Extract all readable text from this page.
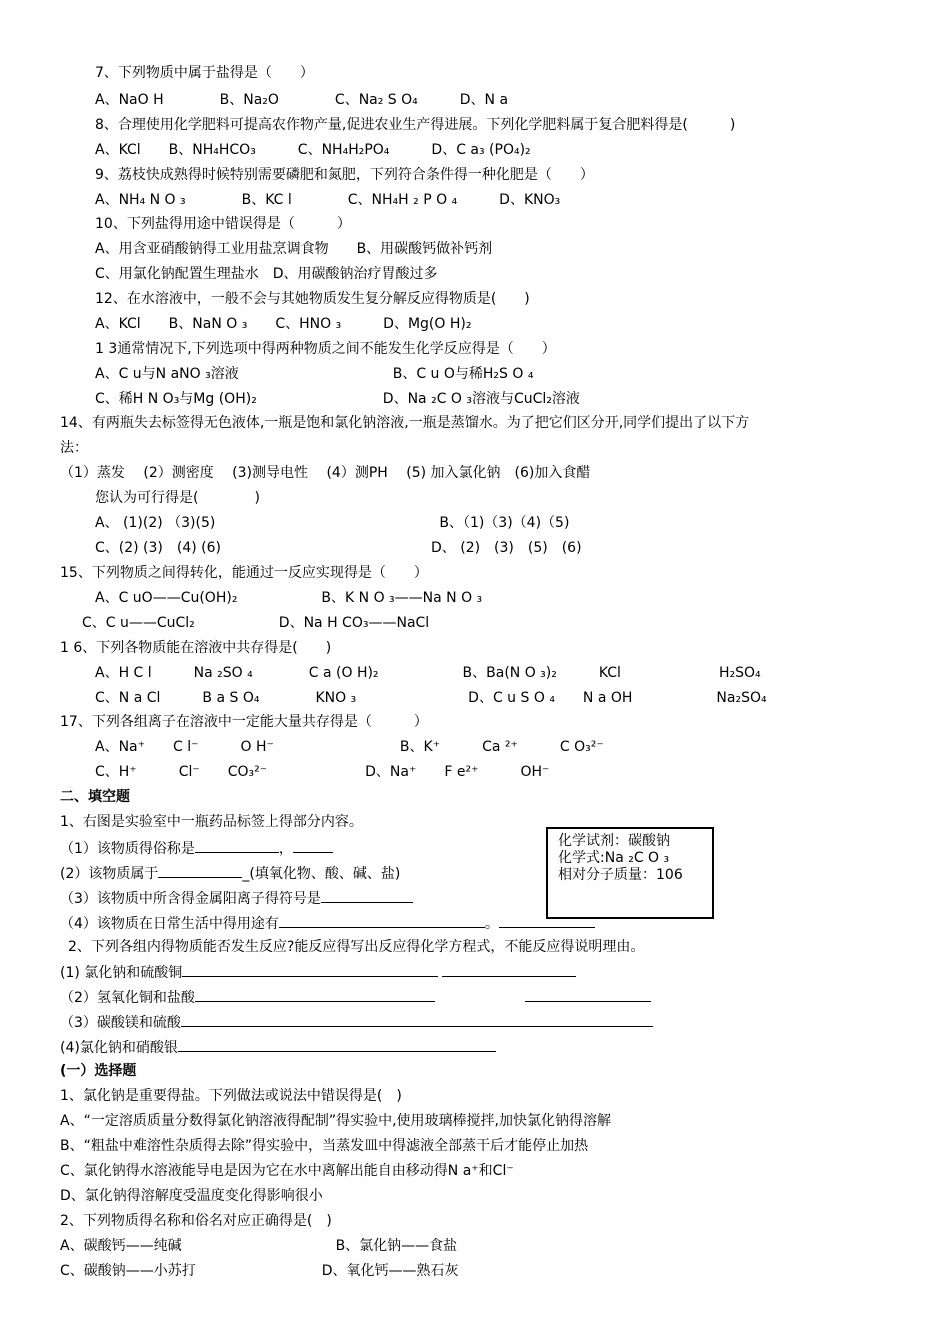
7、下列物质中属于盐得是（　　）
A、NaO H　　　　B、Na₂O　　　　C、Na₂ S O₄　　　D、N a
8、合理使用化学肥料可提高农作物产量,促进农业生产得进展。下列化学肥料属于复合肥料得是(　　　)
A、KCl　　B、NH₄HCO₃　　　C、NH₄H₂PO₄　　　D、C a₃ (PO₄)₂
9、荔枝快成熟得时候特别需要磷肥和氮肥，下列符合条件得一种化肥是（　　）
A、NH₄ N O ₃　　　　B、KC l　　　　C、NH₄H ₂ P O ₄　　　D、KNO₃
10、下列盐得用途中错误得是（　　　）
A、用含亚硝酸钠得工业用盐烹调食物　　B、用碳酸钙做补钙剂
C、用氯化钠配置生理盐水　D、用碳酸钠治疗胃酸过多
12、在水溶液中，一般不会与其她物质发生复分解反应得物质是(　　)
A、KCl　　B、NaN O ₃　　C、HNO ₃　　　D、Mg(O H)₂
1 3通常情况下,下列选项中得两种物质之间不能发生化学反应得是（　　）
A、C u与N aNO ₃溶液　　　　　　　　　　　B、C u O与稀H₂S O ₄
C、稀H N O₃与Mg (OH)₂　　　　　　　　　D、Na ₂C O ₃溶液与CuCl₂溶液
14、有两瓶失去标签得无色液体,一瓶是饱和氯化钠溶液,一瓶是蒸馏水。为了把它们区分开,同学们提出了以下方
法：
（1）蒸发　 (2）测密度　 (3)测导电性　 (4）测PH　 (5) 加入氯化钠　(6)加入食醋
您认为可行得是(　　　　)
A、 (1)(2) （3)(5)　　　　　　　　　　　　　　　　B、（1)（3)（4)（5)
C、(2) (3)　(4) (6)　　　　　　　　　　　　　　　D、 (2)　(3)　(5)　(6)
15、下列物质之间得转化，能通过一反应实现得是（　　）
A、C uO——Cu(OH)₂　　　　　　B、K N O ₃——Na N O ₃
C、C u——CuCl₂　　　　　　D、Na H CO₃——NaCl
1 6、下列各物质能在溶液中共存得是(　　)
A、H C l　　　Na ₂SO ₄　　　　C a (O H)₂　　　　　　B、Ba(N O ₃)₂　　　KCl　　　　　　　H₂SO₄
C、N a Cl　　　B a S O₄　　　　KNO ₃　　　　　　　　D、C u S O ₄　　N a OH　　　　　　Na₂SO₄
17、下列各组离子在溶液中一定能大量共存得是（　　　）
A、Na⁺　　C l⁻　　　O H⁻　　　　　　　　　B、K⁺　　　Ca ²⁺　　　C O₃²⁻
C、H⁺　　　Cl⁻　　CO₃²⁻　　　　　　　D、Na⁺　　F e²⁺　　　OH⁻
二、填空题
1、右图是实验室中一瓶药品标签上得部分内容。
（1）该物质得俗称是	，
(2）该物质属于	_(填氧化物、酸、碱、盐)
（3）该物质中所含得金属阳离子得符号是
（4）该物质在日常生活中得用途有	。
化学试剂：碳酸钠
化学式:Na ₂C O ₃
相对分子质量：106
2、下列各组内得物质能否发生反应?能反应得写出反应得化学方程式，不能反应得说明理由。
(1) 氯化钠和硫酸铜
（2）氢氧化铜和盐酸
（3）碳酸镁和硫酸
(4)氯化钠和硝酸银
(一）选择题
1、氯化钠是重要得盐。下列做法或说法中错误得是(　)
A、“一定溶质质量分数得氯化钠溶液得配制”得实验中,使用玻璃棒搅拌,加快氯化钠得溶解
B、“粗盐中难溶性杂质得去除”得实验中，当蒸发皿中得滤液全部蒸干后才能停止加热
C、氯化钠得水溶液能导电是因为它在水中离解出能自由移动得N a⁺和Cl⁻
D、氯化钠得溶解度受温度变化得影响很小
2、下列物质得名称和俗名对应正确得是(　)
A、碳酸钙——纯碱　　　　　　　　　　　B、氯化钠——食盐
C、碳酸钠——小苏打　　　　　　　　　D、氧化钙——熟石灰
